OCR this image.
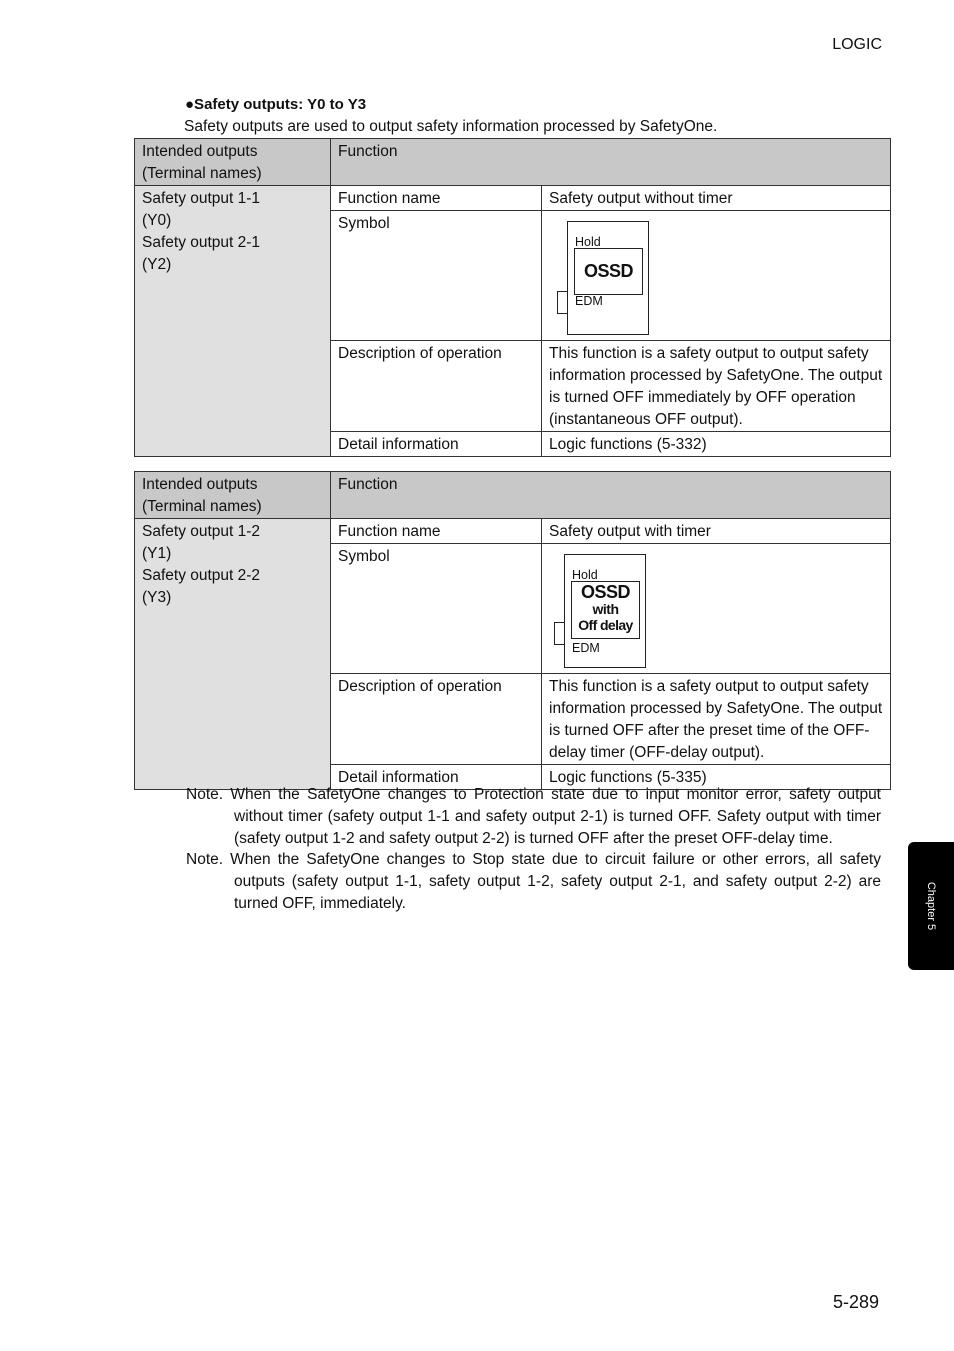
LOGIC
●Safety outputs: Y0 to Y3
Safety outputs are used to output safety information processed by SafetyOne.
Intended outputs
(Terminal names)	Function	

Safety output 1-1
(Y0)
Safety output 2-1
(Y2)	Function name	Safety output without timer
	Symbol	Hold
OSSD
EDM

	Description of operation	This function is a safety output to output safety information processed by SafetyOne. The output is turned OFF immediately by OFF operation (instantaneous OFF output).
	Detail information	Logic functions (5-332)
Intended outputs
(Terminal names)	Function	

Safety output 1-2
(Y1)
Safety output 2-2
(Y3)	Function name	Safety output with timer
	Symbol	Hold
OSSD
with
Off delay
EDM

	Description of operation	This function is a safety output to output safety information processed by SafetyOne. The output is turned OFF after the preset time of the OFF-delay timer (OFF-delay output).
	Detail information	Logic functions (5-335)

Note. When the SafetyOne changes to Protection state due to input monitor error, safety output without timer (safety output 1-1 and safety output 2-1) is turned OFF. Safety output with timer (safety output 1-2 and safety output 2-2) is turned OFF after the preset OFF-delay time.

Note. When the SafetyOne changes to Stop state due to circuit failure or other errors, all safety outputs (safety output 1-1, safety output 1-2, safety output 2-1, and safety output 2-2) are turned OFF, immediately.	Chapter 5
5-289
